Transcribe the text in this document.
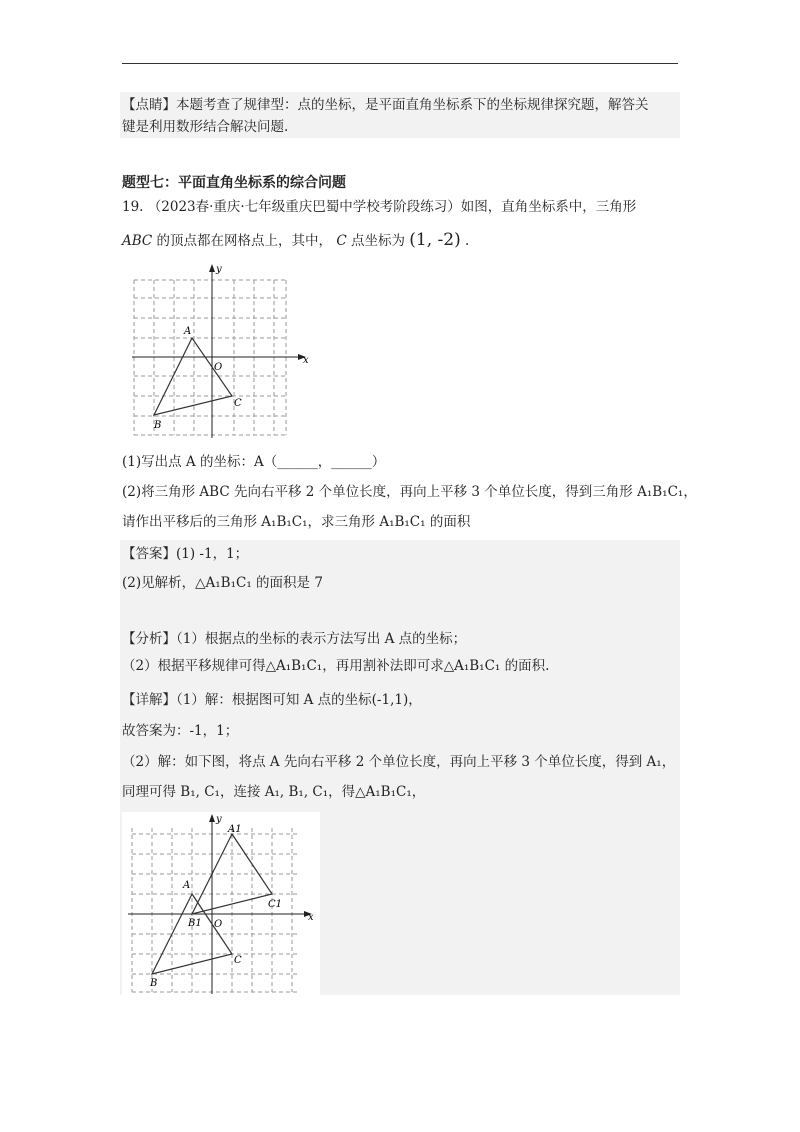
【点睛】本题考查了规律型：点的坐标，是平面直角坐标系下的坐标规律探究题，解答关
键是利用数形结合解决问题.
题型七：平面直角坐标系的综合问题
19. （2023春·重庆·七年级重庆巴蜀中学校考阶段练习）如图，直角坐标系中，三角形
ABC 的顶点都在网格点上，其中， C 点坐标为 (1, -2) .
x
y
O
A
B
C
(1)写出点 A 的坐标：A（______，______）
(2)将三角形 ABC 先向右平移 2 个单位长度，再向上平移 3 个单位长度，得到三角形 A₁B₁C₁，
请作出平移后的三角形 A₁B₁C₁，求三角形 A₁B₁C₁ 的面积
【答案】(1) -1，1；
(2)见解析，△A₁B₁C₁ 的面积是 7
【分析】（1）根据点的坐标的表示方法写出 A 点的坐标；
（2）根据平移规律可得△A₁B₁C₁，再用割补法即可求△A₁B₁C₁ 的面积.
【详解】（1）解：根据图可知 A 点的坐标(-1,1)，
故答案为：-1，1；
（2）解：如下图，将点 A 先向右平移 2 个单位长度，再向上平移 3 个单位长度，得到 A₁，
同理可得 B₁, C₁，连接 A₁, B₁, C₁，得△A₁B₁C₁，
x
y
O
A
B
C
A1
B1
C1
